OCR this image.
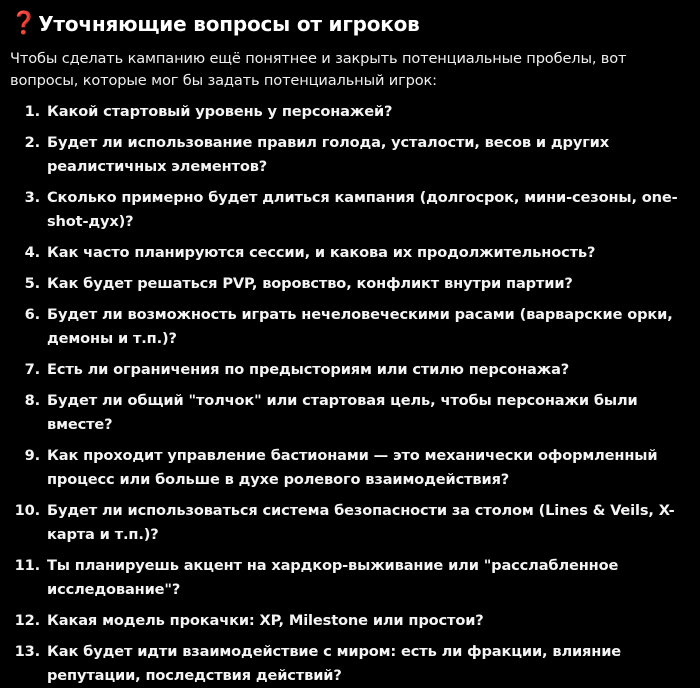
❓ Уточняющие вопросы от игроков

Чтобы сделать кампанию ещё понятнее и закрыть потенциальные пробелы, вот вопросы, которые мог бы задать потенциальный игрок:

1. Какой стартовый уровень у персонажей?
2. Будет ли использование правил голода, усталости, весов и других реалистичных элементов?
3. Сколько примерно будет длиться кампания (долгосрок, мини-сезоны, one-shot-дух)?
4. Как часто планируются сессии, и какова их продолжительность?
5. Как будет решаться PVP, воровство, конфликт внутри партии?
6. Будет ли возможность играть нечеловеческими расами (варварские орки, демоны и т.п.)?
7. Есть ли ограничения по предысториям или стилю персонажа?
8. Будет ли общий "толчок" или стартовая цель, чтобы персонажи были вместе?
9. Как проходит управление бастионами — это механически оформленный процесс или больше в духе ролевого взаимодействия?
10. Будет ли использоваться система безопасности за столом (Lines & Veils, X-карта и т.п.)?
11. Ты планируешь акцент на хардкор-выживание или "расслабленное исследование"?
12. Какая модель прокачки: XP, Milestone или простои?
13. Как будет идти взаимодействие с миром: есть ли фракции, влияние репутации, последствия действий?
